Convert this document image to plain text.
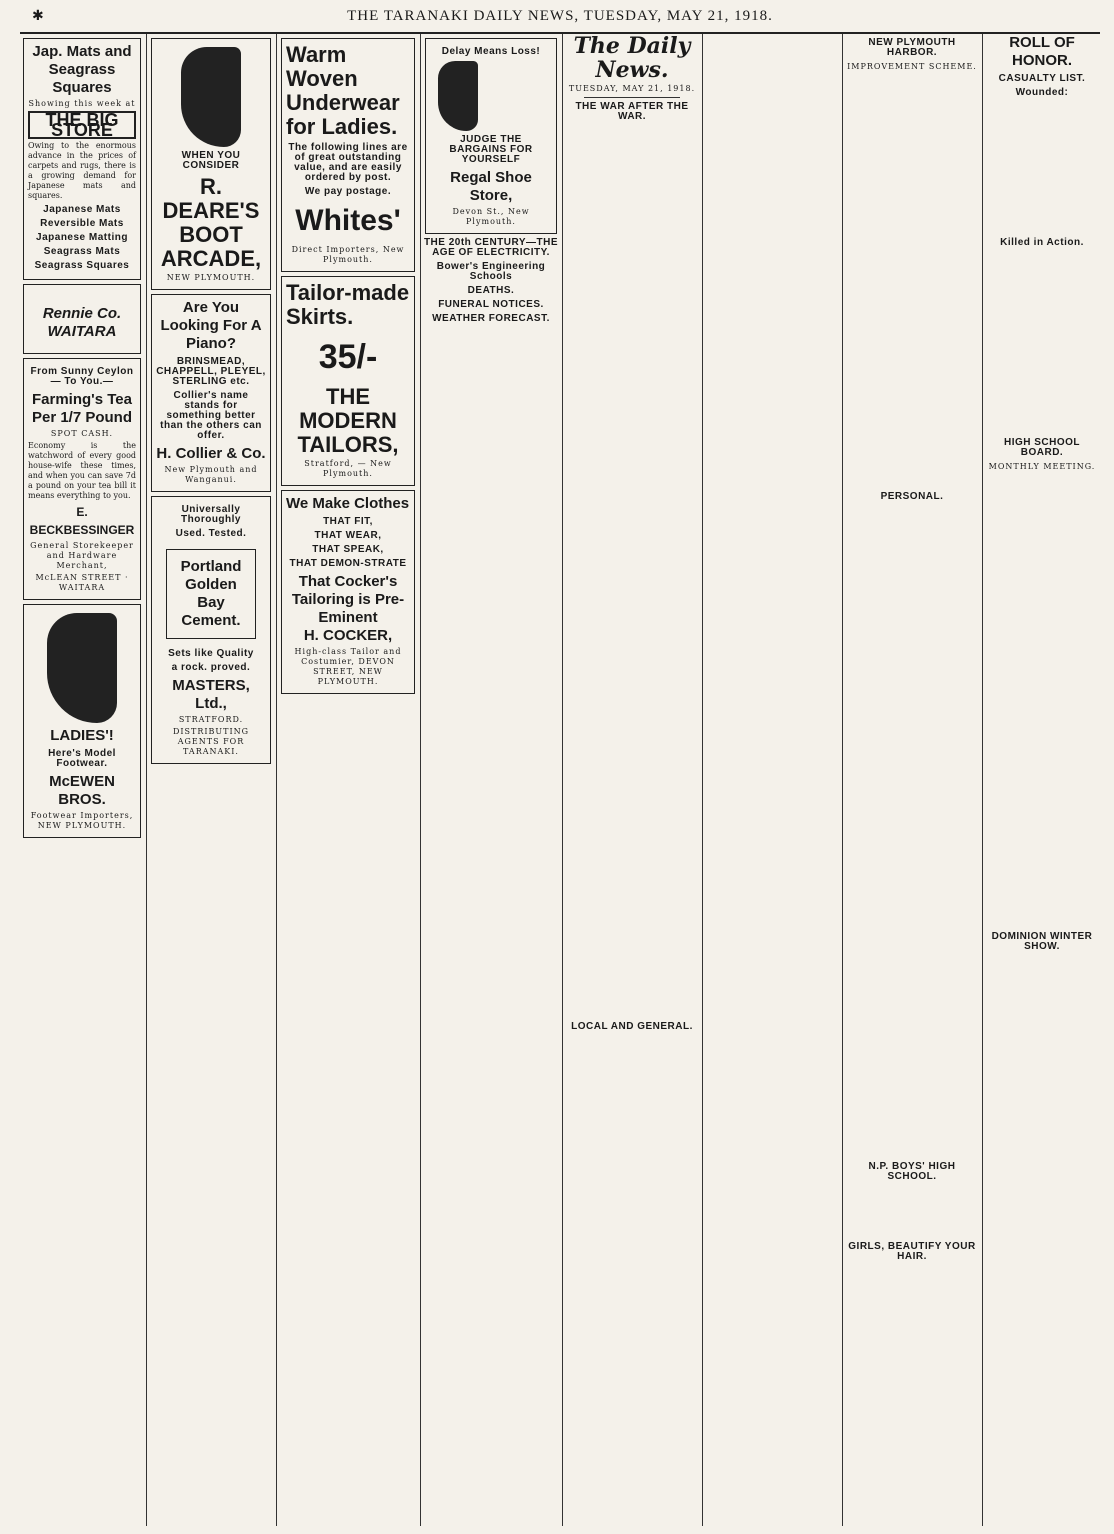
✱	THE TARANAKI DAILY NEWS, TUESDAY, MAY 21, 1918.
Jap. Mats and Seagrass Squares
Showing this week at
THE BIG STORE

Owing to the enormous advance in the prices of carpets and rugs, there is a growing demand for Japanese mats and squares.

Japanese Mats
Reversible Mats
Japanese Matting
Seagrass Mats
Seagrass Squares
Rennie Co. WAITARA
From Sunny Ceylon — To You.—
Farming's Tea
Per 1/7 Pound
SPOT CASH.

Economy is the watchword of every good house-wife these times, and when you can save 7d a pound on your tea bill it means everything to you.

E. BECKBESSINGER
General Storekeeper and Hardware Merchant,
McLEAN STREET · WAITARA
LADIES'!
Here's Model Footwear.
McEWEN BROS.
Footwear Importers, NEW PLYMOUTH.
WHEN YOU CONSIDER
R. DEARE'S BOOT ARCADE,
NEW PLYMOUTH.
Are You Looking For A Piano?
BRINSMEAD, CHAPPELL, PLEYEL, STERLING etc.
Collier's name stands for something better than the others can offer.
H. Collier & Co.
New Plymouth and Wanganui.
Universally Thoroughly
Used. Tested.
Portland Golden Bay Cement.
Sets like Quality
a rock. proved.
MASTERS, Ltd.,
STRATFORD.
DISTRIBUTING AGENTS FOR TARANAKI.
Warm Woven Underwear for Ladies.
The following lines are of great outstanding value, and are easily ordered by post.
We pay postage.
Whites'
Direct Importers, New Plymouth.
Tailor-made Skirts.
35/-
THE MODERN TAILORS,
Stratford, — New Plymouth.
We Make Clothes
THAT FIT,
THAT WEAR,
THAT SPEAK,
THAT DEMON-STRATE
That Cocker's Tailoring is Pre-Eminent
H. COCKER,
High-class Tailor and Costumier, DEVON STREET, NEW PLYMOUTH.
Delay Means Loss!
JUDGE THE BARGAINS FOR YOURSELF
Regal Shoe Store,
Devon St., New Plymouth.
THE 20th CENTURY—THE AGE OF ELECTRICITY.
Bower's Engineering Schools
DEATHS.
FUNERAL NOTICES.
WEATHER FORECAST.
The Daily News.
TUESDAY, MAY 21, 1918.
THE WAR AFTER THE WAR.
LOCAL AND GENERAL.
NEW PLYMOUTH HARBOR.
IMPROVEMENT SCHEME.
PERSONAL.
N.P. BOYS' HIGH SCHOOL.
GIRLS, BEAUTIFY YOUR HAIR.
ROLL OF HONOR.
CASUALTY LIST.
Wounded:
Killed in Action.
HIGH SCHOOL BOARD.
MONTHLY MEETING.
DOMINION WINTER SHOW.
